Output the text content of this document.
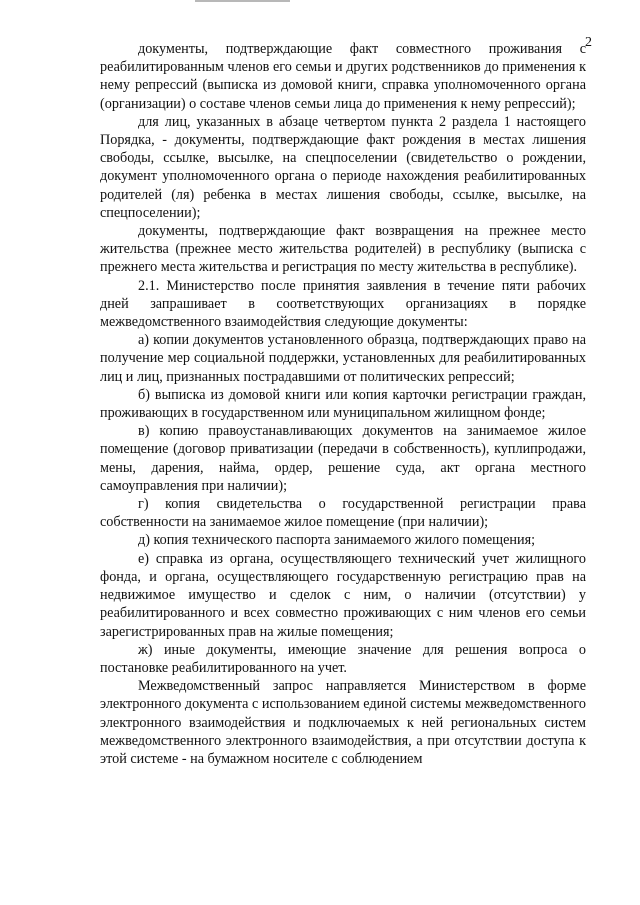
2

документы, подтверждающие факт совместного проживания с реабилитированным членов его семьи и других родственников до применения к нему репрессий (выписка из домовой книги, справка уполномоченного органа (организации) о составе членов семьи лица до применения к нему репрессий);

для лиц, указанных в абзаце четвертом пункта 2 раздела 1 настоящего Порядка, - документы, подтверждающие факт рождения в местах лишения свободы, ссылке, высылке, на спецпоселении (свидетельство о рождении, документ уполномоченного органа о периоде нахождения реабилитированных родителей (ля) ребенка в местах лишения свободы, ссылке, высылке, на спецпоселении);

документы, подтверждающие факт возвращения на прежнее место жительства (прежнее место жительства родителей) в республику (выписка с прежнего места жительства и регистрация по месту жительства в республике).

2.1. Министерство после принятия заявления в течение пяти рабочих дней запрашивает в соответствующих организациях в порядке межведомственного взаимодействия следующие документы:

а) копии документов установленного образца, подтверждающих право на получение мер социальной поддержки, установленных для реабилитированных лиц и лиц, признанных пострадавшими от политических репрессий;

б) выписка из домовой книги или копия карточки регистрации граждан, проживающих в государственном или муниципальном жилищном фонде;

в) копию правоустанавливающих документов на занимаемое жилое помещение (договор приватизации (передачи в собственность), куплипродажи, мены, дарения, найма, ордер, решение суда, акт органа местного самоуправления при наличии);

г) копия свидетельства о государственной регистрации права собственности на занимаемое жилое помещение (при наличии);

д) копия технического паспорта занимаемого жилого помещения;

е) справка из органа, осуществляющего технический учет жилищного фонда, и органа, осуществляющего государственную регистрацию прав на недвижимое имущество и сделок с ним, о наличии (отсутствии) у реабилитированного и всех совместно проживающих с ним членов его семьи зарегистрированных прав на жилые помещения;

ж) иные документы, имеющие значение для решения вопроса о постановке реабилитированного на учет.

Межведомственный запрос направляется Министерством в форме электронного документа с использованием единой системы межведомственного электронного взаимодействия и подключаемых к ней региональных систем межведомственного электронного взаимодействия, а при отсутствии доступа к этой системе - на бумажном носителе с соблюдением
